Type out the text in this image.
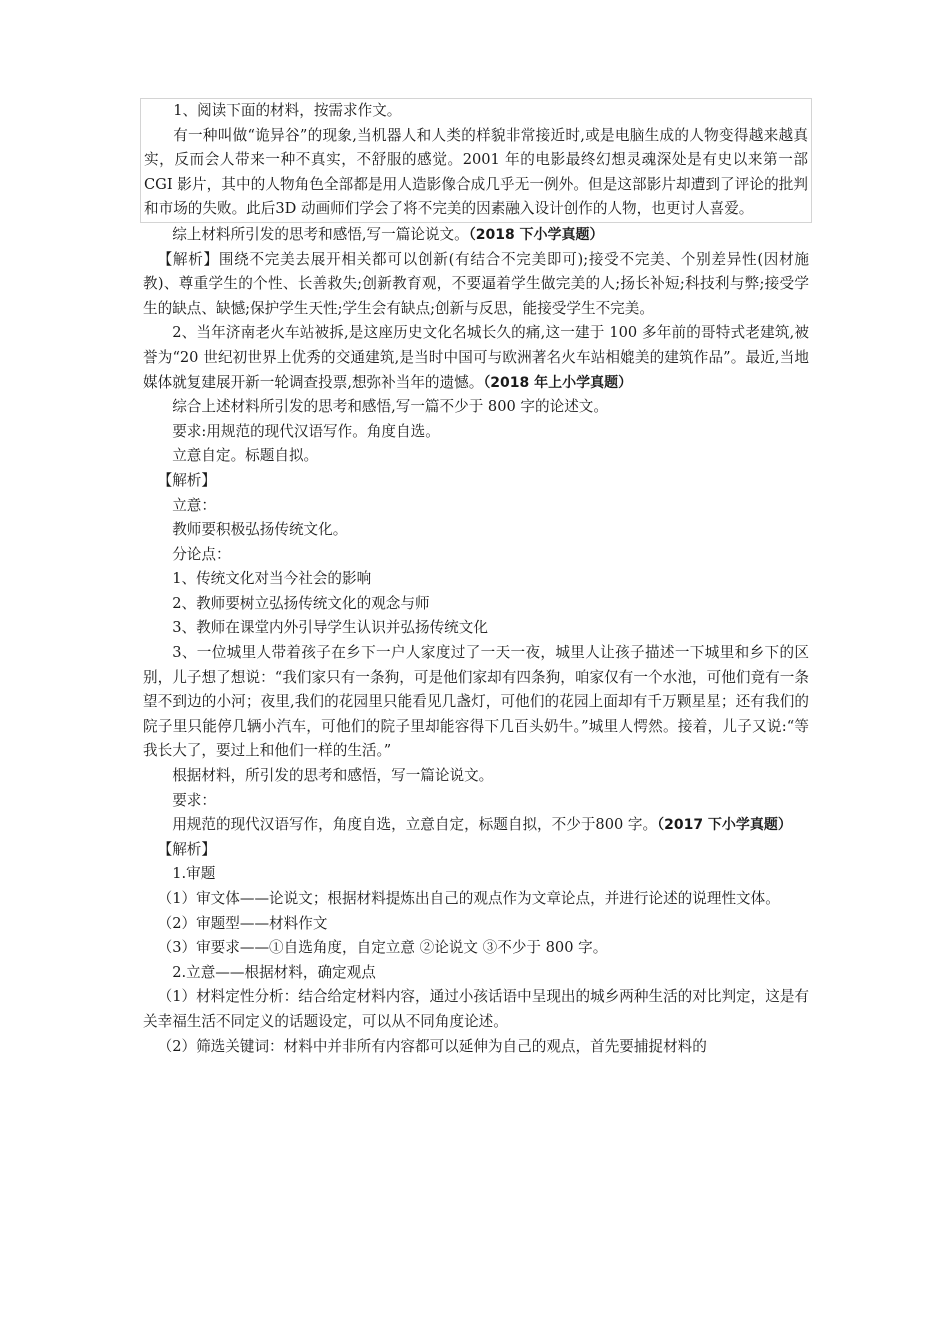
1、阅读下面的材料，按需求作文。

有一种叫做“诡异谷”的现象,当机器人和人类的样貌非常接近时,或是电脑生成的人物变得越来越真实，反而会人带来一种不真实，不舒服的感觉。2001 年的电影最终幻想灵魂深处是有史以来第一部 CGI 影片，其中的人物角色全部都是用人造影像合成几乎无一例外。但是这部影片却遭到了评论的批判和市场的失败。此后3D 动画师们学会了将不完美的因素融入设计创作的人物，也更讨人喜爱。

综上材料所引发的思考和感悟,写一篇论说文。（2018 下小学真题）

【解析】围绕不完美去展开相关都可以创新(有结合不完美即可);接受不完美、个别差异性(因材施教)、尊重学生的个性、长善救失;创新教育观，不要逼着学生做完美的人;扬长补短;科技利与弊;接受学生的缺点、缺憾;保护学生天性;学生会有缺点;创新与反思，能接受学生不完美。

2、当年济南老火车站被拆,是这座历史文化名城长久的痛,这一建于 100 多年前的哥特式老建筑,被誉为“20 世纪初世界上优秀的交通建筑,是当时中国可与欧洲著名火车站相媲美的建筑作品”。最近,当地媒体就复建展开新一轮调查投票,想弥补当年的遗憾。（2018 年上小学真题）

综合上述材料所引发的思考和感悟,写一篇不少于 800 字的论述文。

要求:用规范的现代汉语写作。角度自选。

立意自定。标题自拟。

【解析】

立意：

教师要积极弘扬传统文化。

分论点：

1、传统文化对当今社会的影响

2、教师要树立弘扬传统文化的观念与师

3、教师在课堂内外引导学生认识并弘扬传统文化

3、一位城里人带着孩子在乡下一户人家度过了一天一夜，城里人让孩子描述一下城里和乡下的区别，儿子想了想说：“我们家只有一条狗，可是他们家却有四条狗，咱家仅有一个水池，可他们竟有一条望不到边的小河；夜里,我们的花园里只能看见几盏灯，可他们的花园上面却有千万颗星星；还有我们的院子里只能停几辆小汽车，可他们的院子里却能容得下几百头奶牛。”城里人愕然。接着，儿子又说:“等我长大了，要过上和他们一样的生活。”

根据材料，所引发的思考和感悟，写一篇论说文。

要求：

用规范的现代汉语写作，角度自选，立意自定，标题自拟，不少于800 字。（2017 下小学真题）

【解析】

1.审题

（1）审文体——论说文；根据材料提炼出自己的观点作为文章论点，并进行论述的说理性文体。

（2）审题型——材料作文

（3）审要求——①自选角度，自定立意 ②论说文 ③不少于 800 字。

2.立意——根据材料，确定观点

（1）材料定性分析：结合给定材料内容，通过小孩话语中呈现出的城乡两种生活的对比判定，这是有关幸福生活不同定义的话题设定，可以从不同角度论述。

（2）筛选关键词：材料中并非所有内容都可以延伸为自己的观点，首先要捕捉材料的
